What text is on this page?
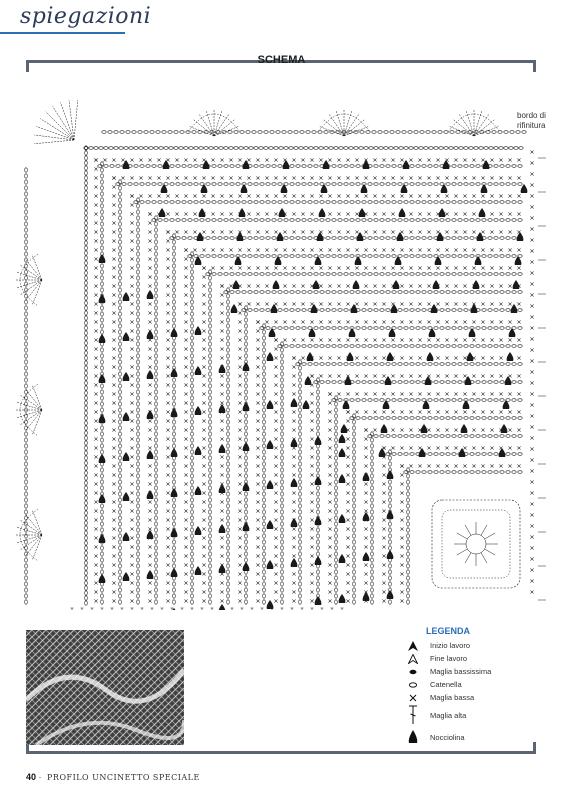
spiegazioni
SCHEMA
bordo di
rifinitura
LEGENDA
Inizio lavoro
Fine lavoro
Maglia bassissima
Catenella
Maglia bassa
Maglia alta
Nocciolina
40 · PROFILO UNCINETTO SPECIALE
